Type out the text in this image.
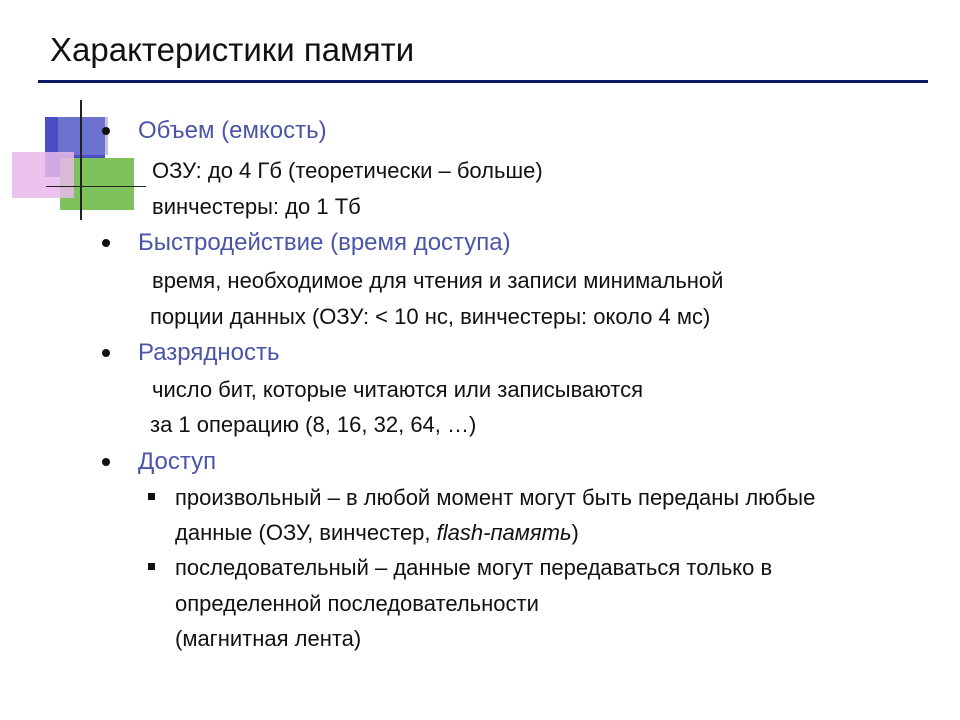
Характеристики памяти
Объем (емкость)
ОЗУ: до 4 Гб (теоретически – больше)
винчестеры: до 1 Тб
Быстродействие (время доступа)
время, необходимое для чтения и записи минимальной
порции данных (ОЗУ: < 10 нс, винчестеры: около 4 мс)
Разрядность
число бит, которые читаются или записываются
за 1 операцию (8, 16, 32, 64, …)
Доступ
произвольный – в любой момент могут быть переданы любые
данные (ОЗУ, винчестер, flash-память)
последовательный – данные могут передаваться только в
определенной последовательности
(магнитная лента)
